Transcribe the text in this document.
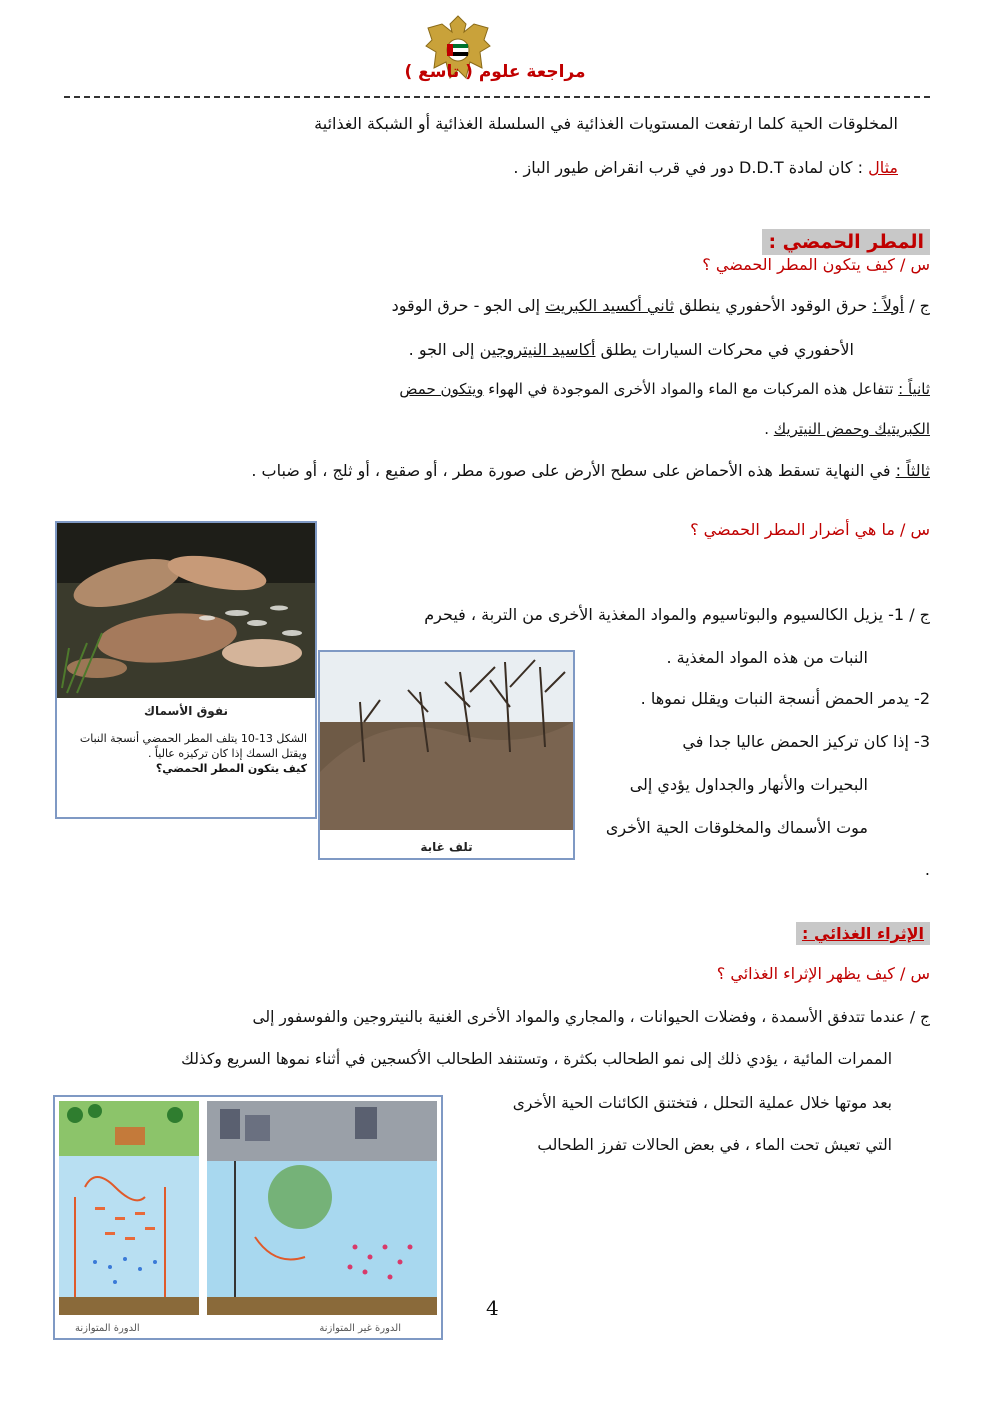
مراجعة علوم ( تاسع )
المخلوقات الحية كلما ارتفعت المستويات الغذائية في السلسلة الغذائية أو الشبكة الغذائية
مثال : كان لمادة D.D.T دور في قرب انقراض طيور الباز .
المطر الحمضي :
س / كيف يتكون المطر الحمضي ؟
ج / أولاً : حرق الوقود الأحفوري ينطلق ثاني أكسيد الكبريت إلى الجو - حرق الوقود
الأحفوري في محركات السيارات يطلق أكاسيد النيتروجين إلى الجو .
ثانياً : تتفاعل هذه المركبات مع الماء والمواد الأخرى الموجودة في الهواء ويتكون حمض
الكبريتيك وحمض النيتريك .
ثالثاً : في النهاية تسقط هذه الأحماض على سطح الأرض على صورة مطر ، أو صقيع ، أو ثلج ، أو ضباب .
س / ما هي أضرار المطر الحمضي ؟
نفوق الأسماك
الشكل 13-10 يتلف المطر الحمضي أنسجة النبات
ويقتل السمك إذا كان تركيزه عالياً .
كيف يتكون المطر الحمضي؟
تلف غابة
ج / 1- يزيل الكالسيوم والبوتاسيوم والمواد المغذية الأخرى من التربة ، فيحرم
النبات من هذه المواد المغذية .
2- يدمر الحمض أنسجة النبات ويقلل نموها .
3- إذا كان تركيز الحمض عاليا جدا في
البحيرات والأنهار والجداول يؤدي إلى
موت الأسماك والمخلوقات الحية الأخرى
.
الإثراء الغذائي :
س / كيف يظهر الإثراء الغذائي ؟
ج / عندما تتدفق الأسمدة ، وفضلات الحيوانات ، والمجاري والمواد الأخرى الغنية بالنيتروجين والفوسفور إلى
الممرات المائية ، يؤدي ذلك إلى نمو الطحالب بكثرة ، وتستنفد الطحالب الأكسجين في أثناء نموها السريع وكذلك
بعد موتها خلال عملية التحلل ، فتختنق الكائنات الحية الأخرى
التي تعيش تحت الماء ، في بعض الحالات تفرز الطحالب
الدورة المتوازنة	الدورة غير المتوازنة
4
